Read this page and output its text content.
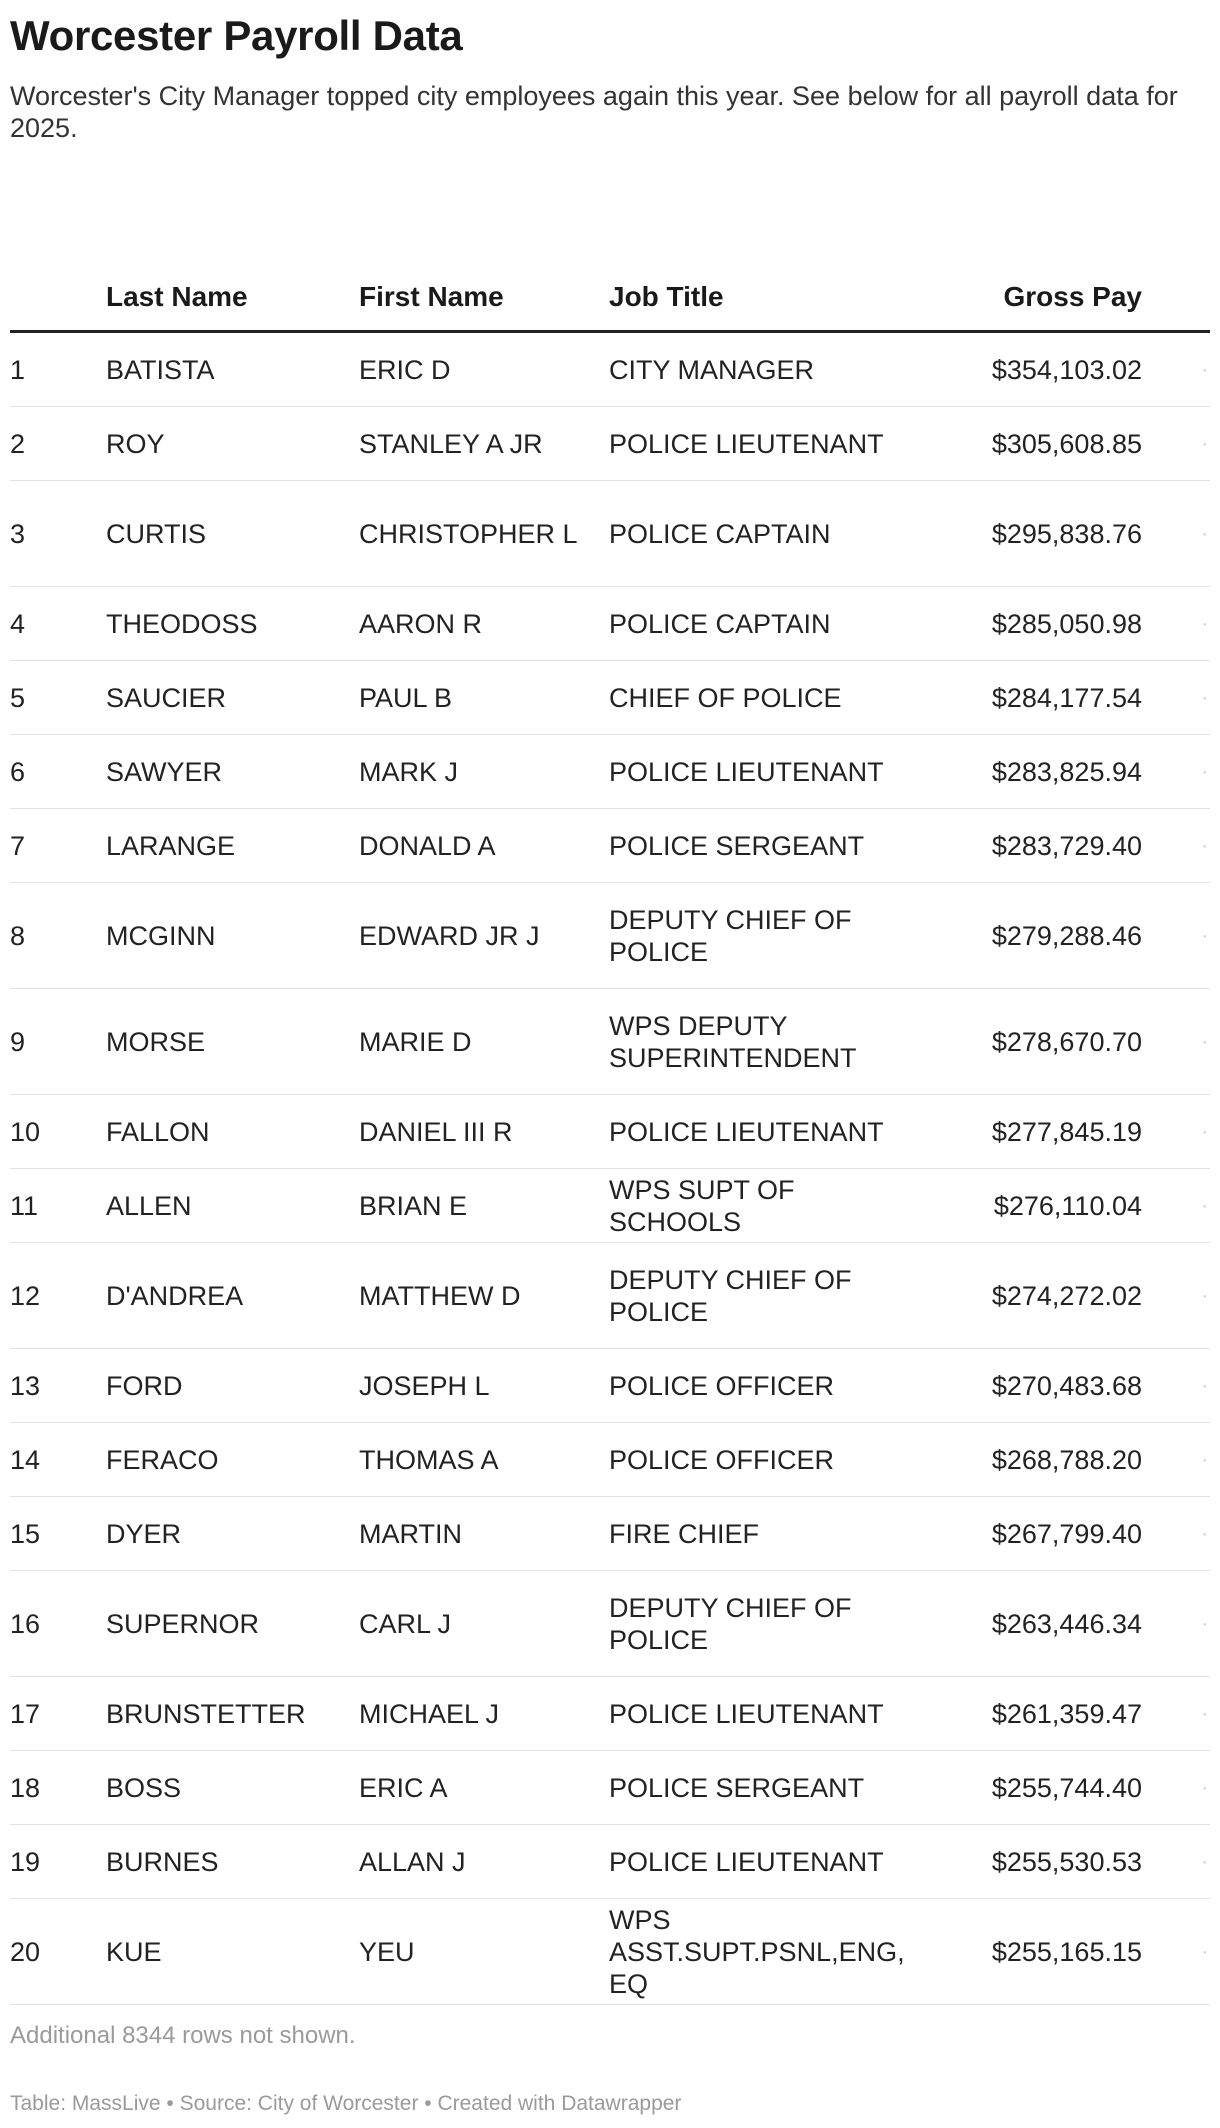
Worcester Payroll Data
Worcester's City Manager topped city employees again this year. See below for all payroll data for 2025.
	Last Name	First Name	Job Title	Gross Pay	
1	BATISTA	ERIC D	CITY MANAGER	$354,103.02	·
2	ROY	STANLEY A JR	POLICE LIEUTENANT	$305,608.85	·
3	CURTIS	CHRISTOPHER L	POLICE CAPTAIN	$295,838.76	·
4	THEODOSS	AARON R	POLICE CAPTAIN	$285,050.98	·
5	SAUCIER	PAUL B	CHIEF OF POLICE	$284,177.54	·
6	SAWYER	MARK J	POLICE LIEUTENANT	$283,825.94	·
7	LARANGE	DONALD A	POLICE SERGEANT	$283,729.40	·
8	MCGINN	EDWARD JR J	DEPUTY CHIEF OF POLICE	$279,288.46	·
9	MORSE	MARIE D	WPS DEPUTY SUPERINTENDENT	$278,670.70	·
10	FALLON	DANIEL III R	POLICE LIEUTENANT	$277,845.19	·
11	ALLEN	BRIAN E	WPS SUPT OF SCHOOLS	$276,110.04	·
12	D'ANDREA	MATTHEW D	DEPUTY CHIEF OF POLICE	$274,272.02	·
13	FORD	JOSEPH L	POLICE OFFICER	$270,483.68	·
14	FERACO	THOMAS A	POLICE OFFICER	$268,788.20	·
15	DYER	MARTIN	FIRE CHIEF	$267,799.40	·
16	SUPERNOR	CARL J	DEPUTY CHIEF OF POLICE	$263,446.34	·
17	BRUNSTETTER	MICHAEL J	POLICE LIEUTENANT	$261,359.47	·
18	BOSS	ERIC A	POLICE SERGEANT	$255,744.40	·
19	BURNES	ALLAN J	POLICE LIEUTENANT	$255,530.53	·
20	KUE	YEU	WPS ASST.SUPT.PSNL,ENG,EQ	$255,165.15	·
Additional 8344 rows not shown.
Table: MassLive • Source: City of Worcester • Created with Datawrapper
